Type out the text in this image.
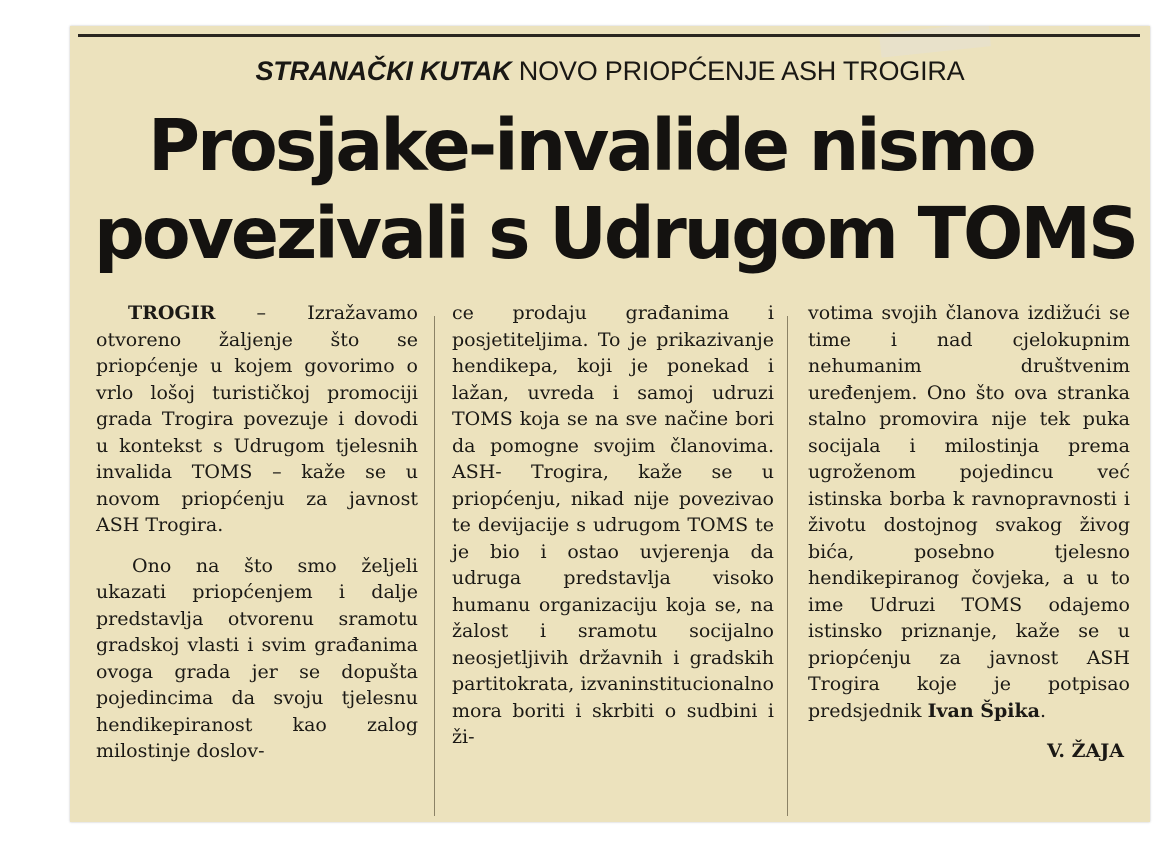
STRANAČKI KUTAK NOVO PRIOPĆENJE ASH TROGIRA
Prosjake-invalide nismo
povezivali s Udrugom TOMS

TROGIR – Izražavamo otvoreno žaljenje što se priopćenje u kojem govorimo o vrlo lošoj turističkoj promociji grada Trogira povezuje i dovodi u kontekst s Udrugom tjelesnih invalida TOMS – kaže se u novom priopćenju za javnost ASH Trogira.

Ono na što smo željeli ukazati priopćenjem i dalje predstavlja otvorenu sramotu gradskoj vlasti i svim građanima ovoga grada jer se dopušta pojedincima da svoju tjelesnu hendikepiranost kao zalog milostinje doslov-

ce prodaju građanima i posjetiteljima. To je prikazivanje hendikepa, koji je ponekad i lažan, uvreda i samoj udruzi TOMS koja se na sve načine bori da pomogne svojim članovima. ASH- Trogira, kaže se u priopćenju, nikad nije povezivao te devijacije s udrugom TOMS te je bio i ostao uvjerenja da udruga predstavlja visoko humanu organizaciju koja se, na žalost i sramotu socijalno neosjetljivih državnih i gradskih partitokrata, izvaninstitucionalno mora boriti i skrbiti o sudbini i ži-

votima svojih članova izdižući se time i nad cjelokupnim nehumanim društvenim uređenjem. Ono što ova stranka stalno promovira nije tek puka socijala i milostinja prema ugroženom pojedincu već istinska borba k ravnopravnosti i životu dostojnog svakog živog bića, posebno tjelesno hendikepiranog čovjeka, a u to ime Udruzi TOMS odajemo istinsko priznanje, kaže se u priopćenju za javnost ASH Trogira koje je potpisao predsjednik Ivan Špika.

V. ŽAJA
